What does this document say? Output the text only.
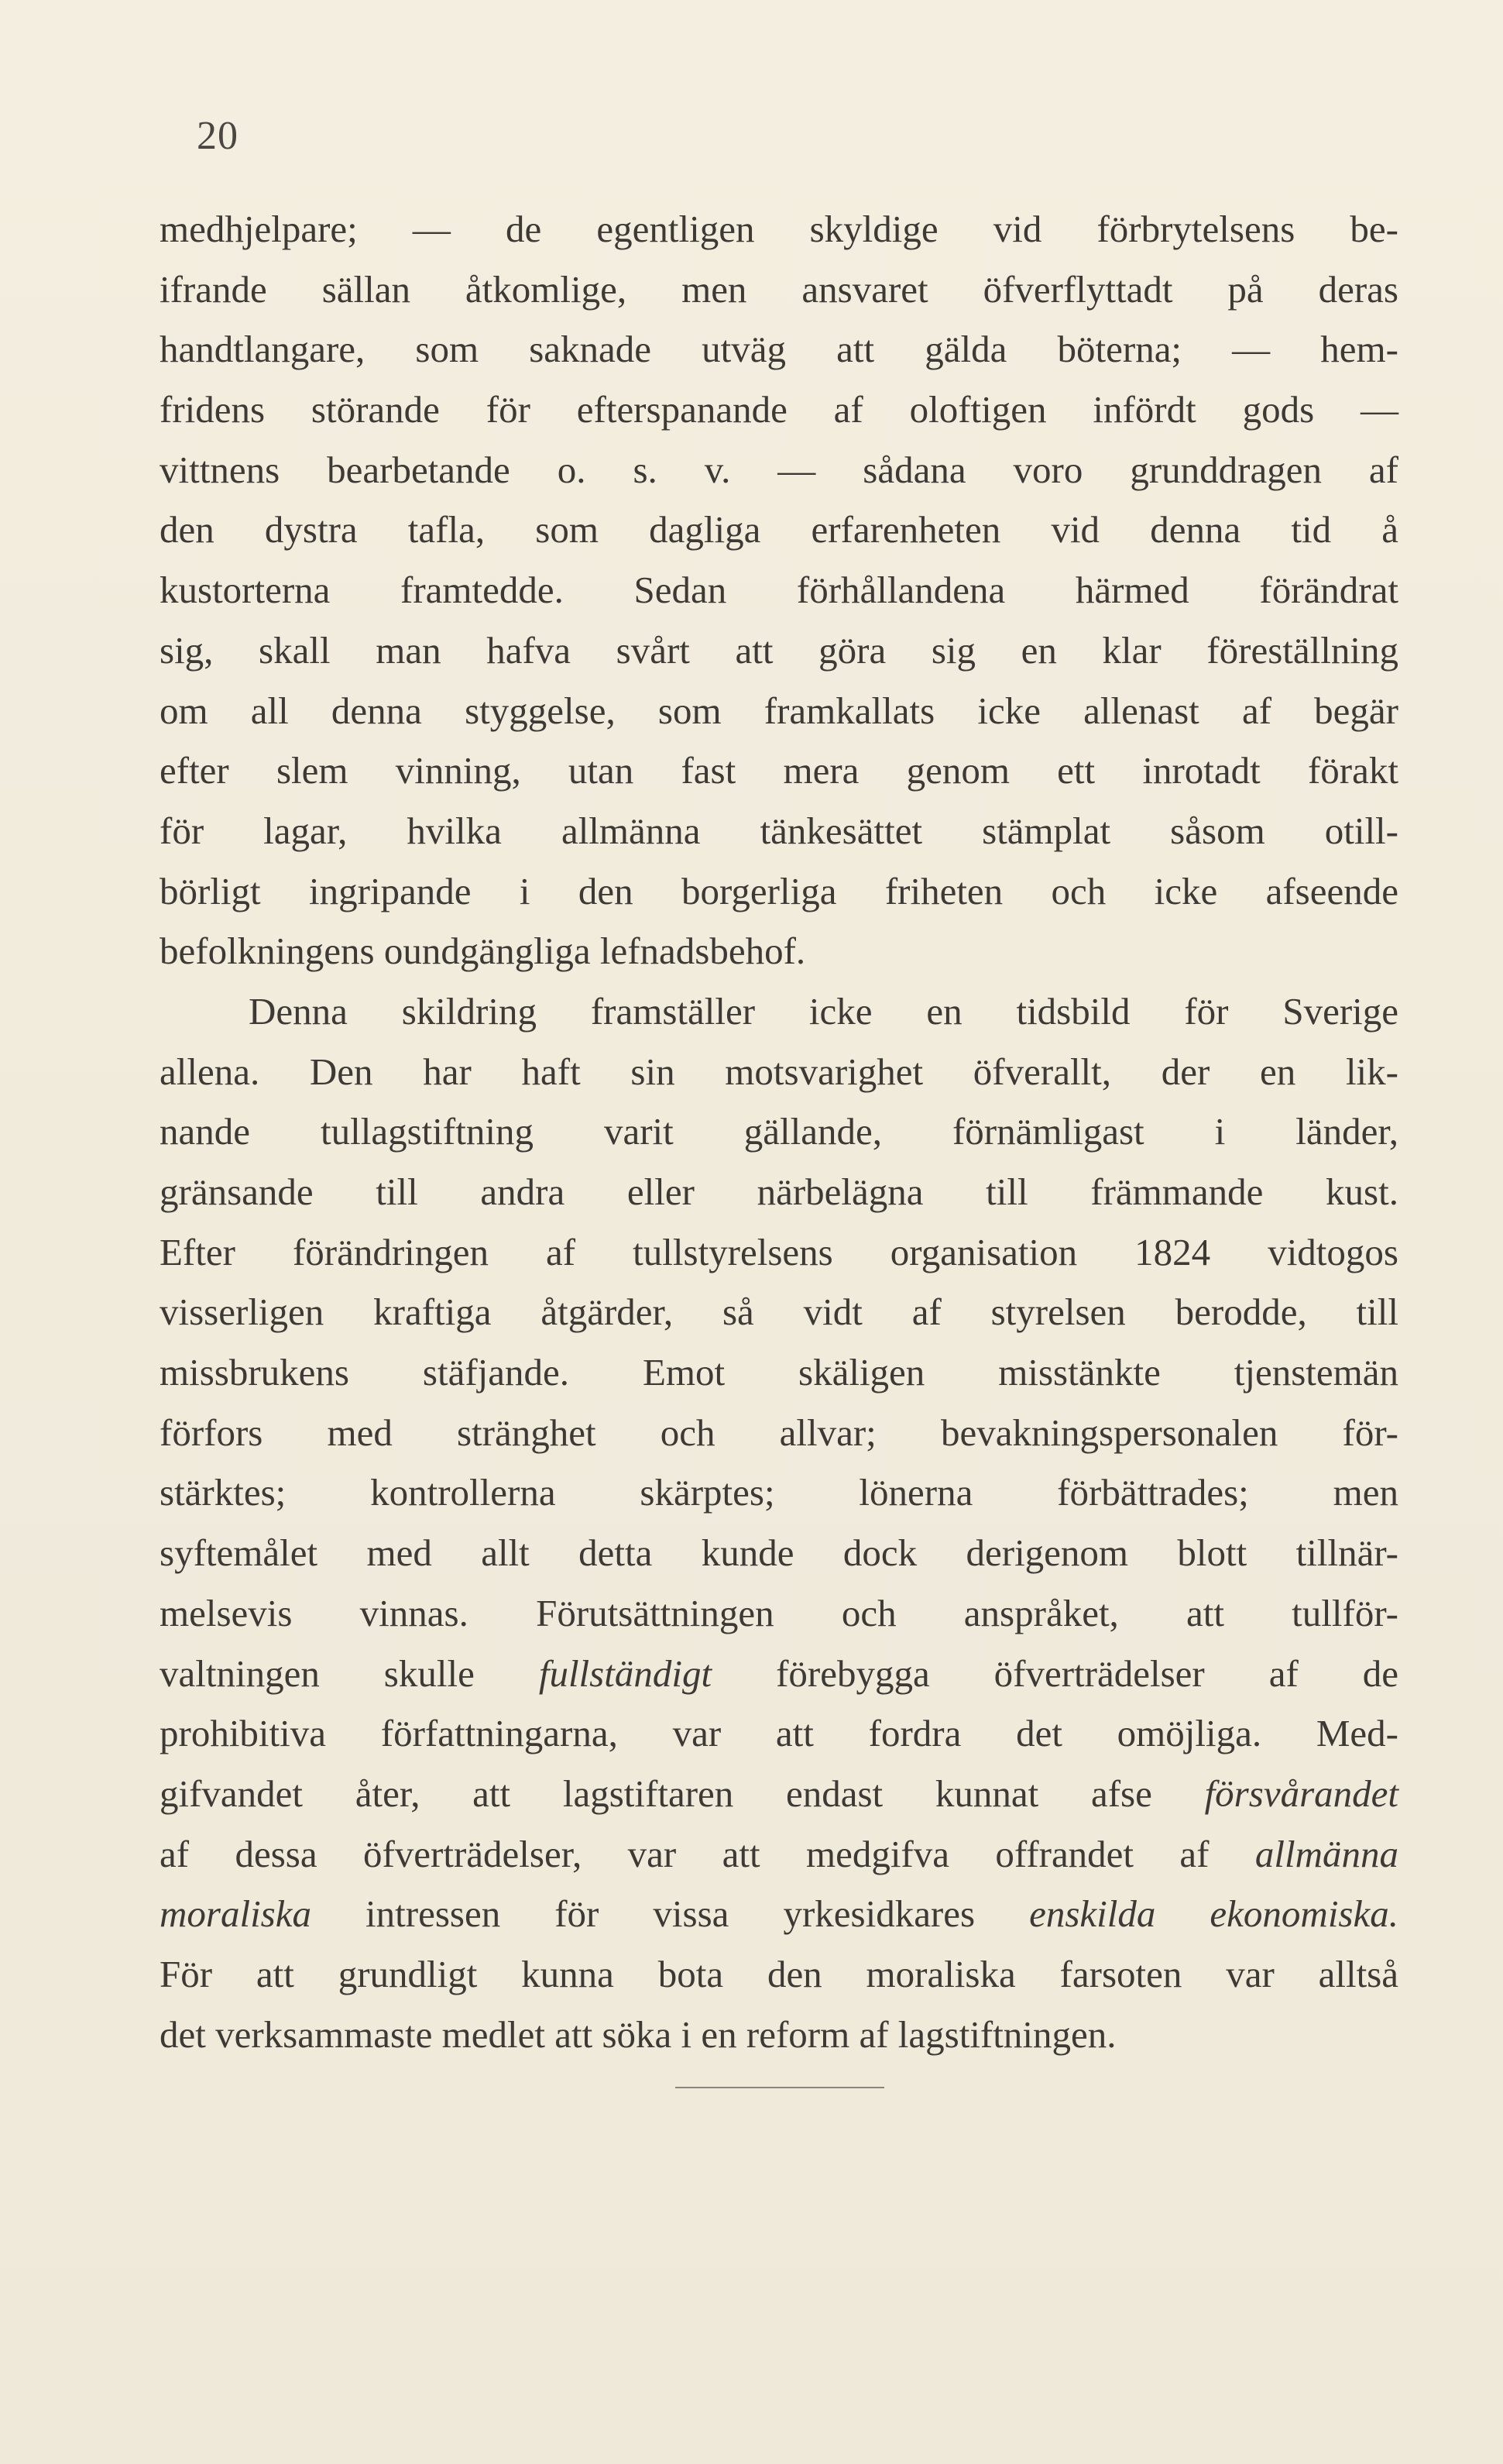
20
medhjelpare; — de egentligen skyldige vid förbrytelsens be-
ifrande sällan åtkomlige, men ansvaret öfverflyttadt på deras
handtlangare, som saknade utväg att gälda böterna; — hem-
fridens störande för efterspanande af oloftigen infördt gods —
vittnens bearbetande o. s. v. — sådana voro grunddragen af
den dystra tafla, som dagliga erfarenheten vid denna tid å
kustorterna framtedde. Sedan förhållandena härmed förändrat
sig, skall man hafva svårt att göra sig en klar föreställning
om all denna styggelse, som framkallats icke allenast af begär
efter slem vinning, utan fast mera genom ett inrotadt förakt
för lagar, hvilka allmänna tänkesättet stämplat såsom otill-
börligt ingripande i den borgerliga friheten och icke afseende
befolkningens oundgängliga lefnadsbehof.
Denna skildring framställer icke en tidsbild för Sverige
allena. Den har haft sin motsvarighet öfverallt, der en lik-
nande tullagstiftning varit gällande, förnämligast i länder,
gränsande till andra eller närbelägna till främmande kust.
Efter förändringen af tullstyrelsens organisation 1824 vidtogos
visserligen kraftiga åtgärder, så vidt af styrelsen berodde, till
missbrukens stäfjande. Emot skäligen misstänkte tjenstemän
förfors med stränghet och allvar; bevakningspersonalen för-
stärktes; kontrollerna skärptes; lönerna förbättrades; men
syftemålet med allt detta kunde dock derigenom blott tillnär-
melsevis vinnas. Förutsättningen och anspråket, att tullför-
valtningen skulle fullständigt förebygga öfverträdelser af de
prohibitiva författningarna, var att fordra det omöjliga. Med-
gifvandet åter, att lagstiftaren endast kunnat afse försvårandet
af dessa öfverträdelser, var att medgifva offrandet af allmänna
moraliska intressen för vissa yrkesidkares enskilda ekonomiska.
För att grundligt kunna bota den moraliska farsoten var alltså
det verksammaste medlet att söka i en reform af lagstiftningen.
